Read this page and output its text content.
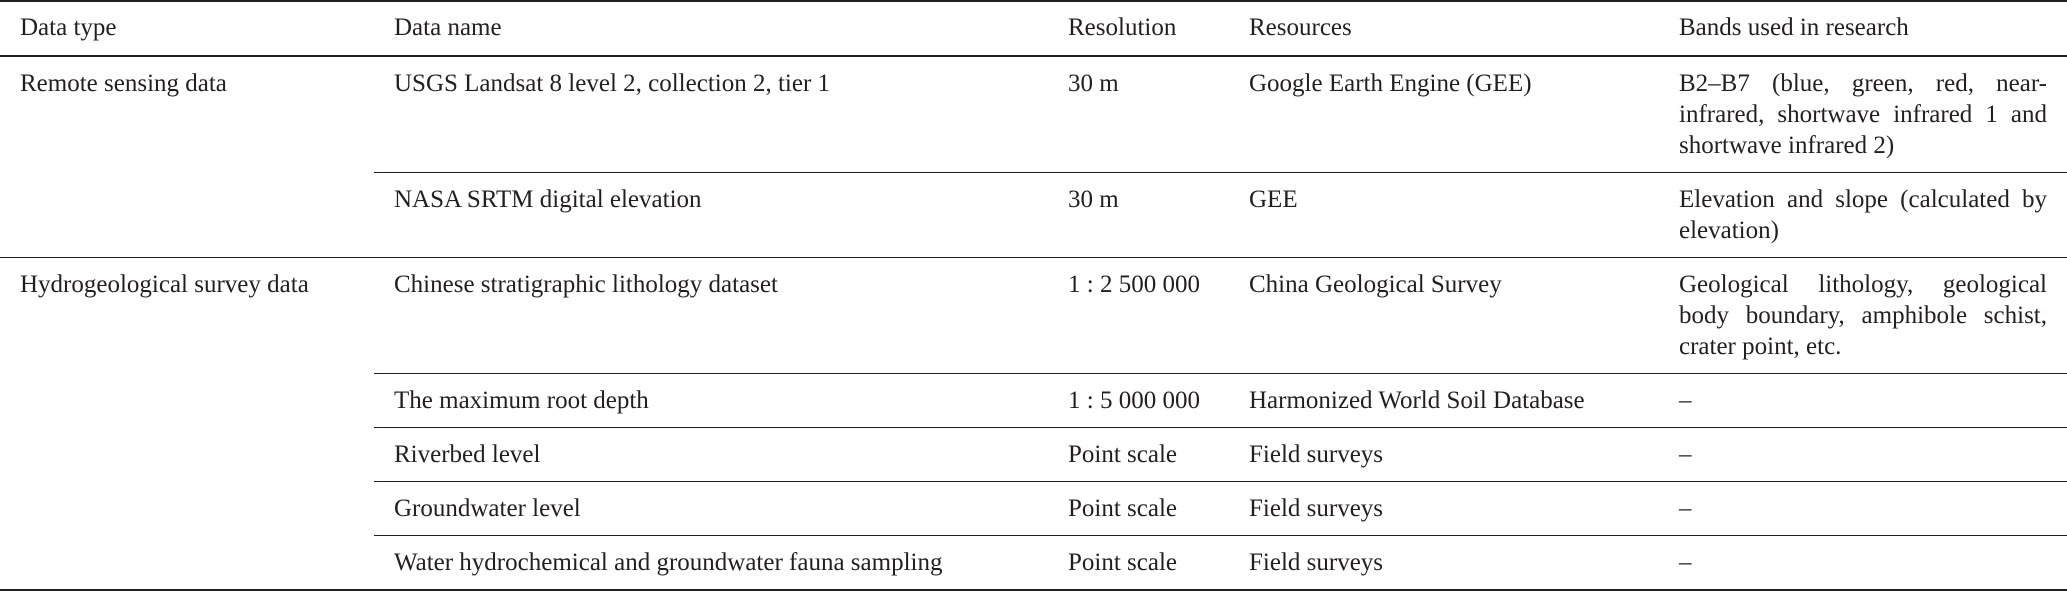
Data type	Data name	Resolution	Resources	Bands used in research
Remote sensing data	USGS Landsat 8 level 2, collection 2, tier 1	30 m	Google Earth Engine (GEE)	B2–B7 (blue, green, red, near-infrared, shortwave infrared 1 and shortwave infrared 2)
	NASA SRTM digital elevation	30 m	GEE	Elevation and slope (calculated by elevation)
Hydrogeological survey data	Chinese stratigraphic lithology dataset	1 : 2 500 000	China Geological Survey	Geological lithology, geological body boundary, amphibole schist, crater point, etc.
	The maximum root depth	1 : 5 000 000	Harmonized World Soil Database	–
	Riverbed level	Point scale	Field surveys	–
	Groundwater level	Point scale	Field surveys	–
	Water hydrochemical and groundwater fauna sampling	Point scale	Field surveys	–
